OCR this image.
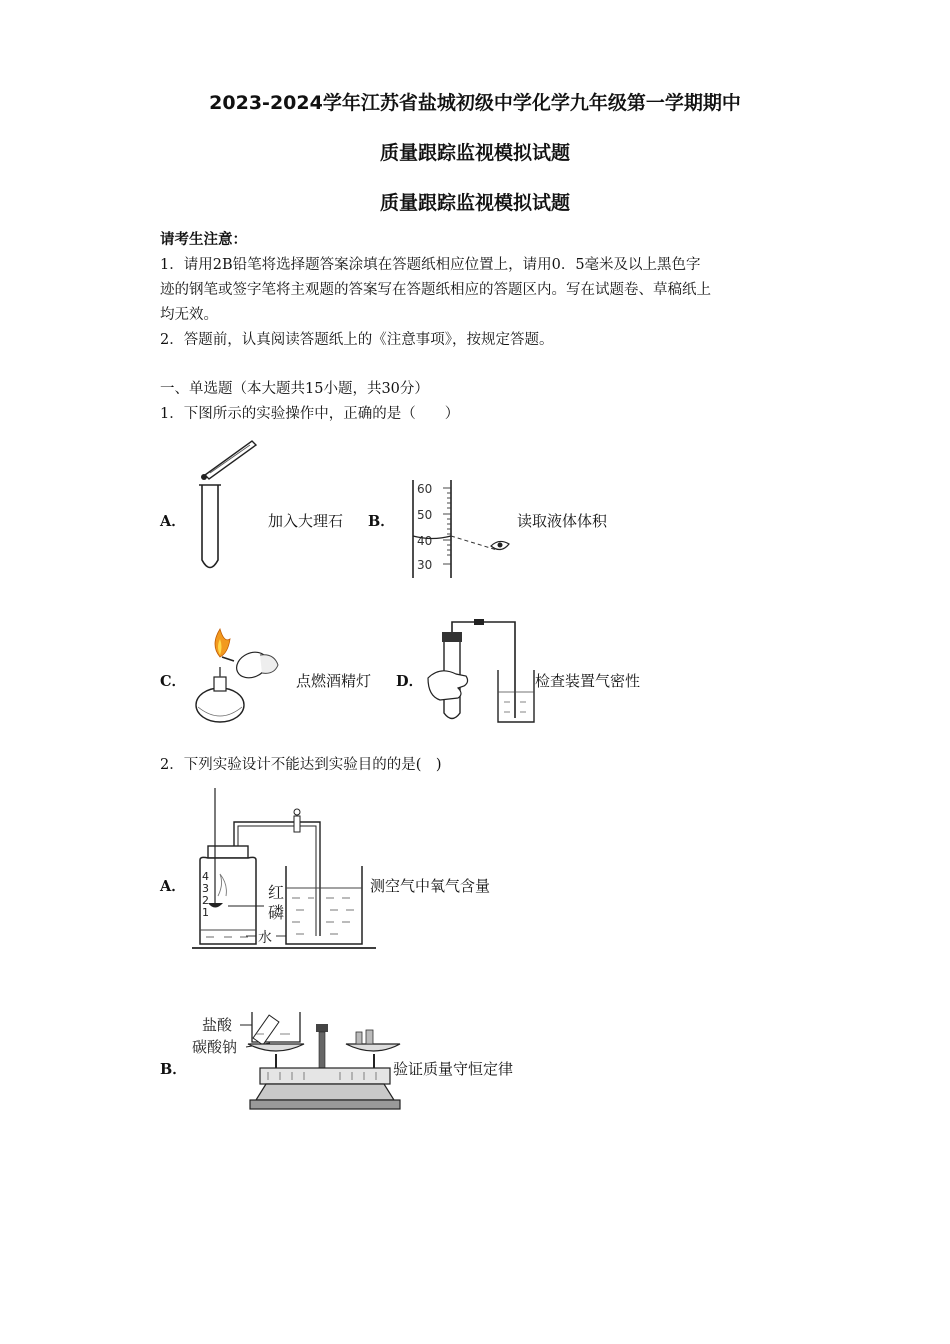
2023-2024学年江苏省盐城初级中学化学九年级第一学期期中
质量跟踪监视模拟试题
质量跟踪监视模拟试题
请考生注意：
1．请用2B铅笔将选择题答案涂填在答题纸相应位置上，请用0．5毫米及以上黑色字
迹的钢笔或签字笔将主观题的答案写在答题纸相应的答题区内。写在试题卷、草稿纸上
均无效。
2．答题前，认真阅读答题纸上的《注意事项》，按规定答题。
一、单选题（本大题共15小题，共30分）
1．下图所示的实验操作中，正确的是（　　）
A．	加入大理石 B．
60
50
40
30
读取液体体积
C．	点燃酒精灯 D．	检查装置气密性
2．下列实验设计不能达到实验目的的是(　)
A．
4
3
2
1
红
磷
水
测空气中氧气含量
B．
盐酸
碳酸钠
验证质量守恒定律
